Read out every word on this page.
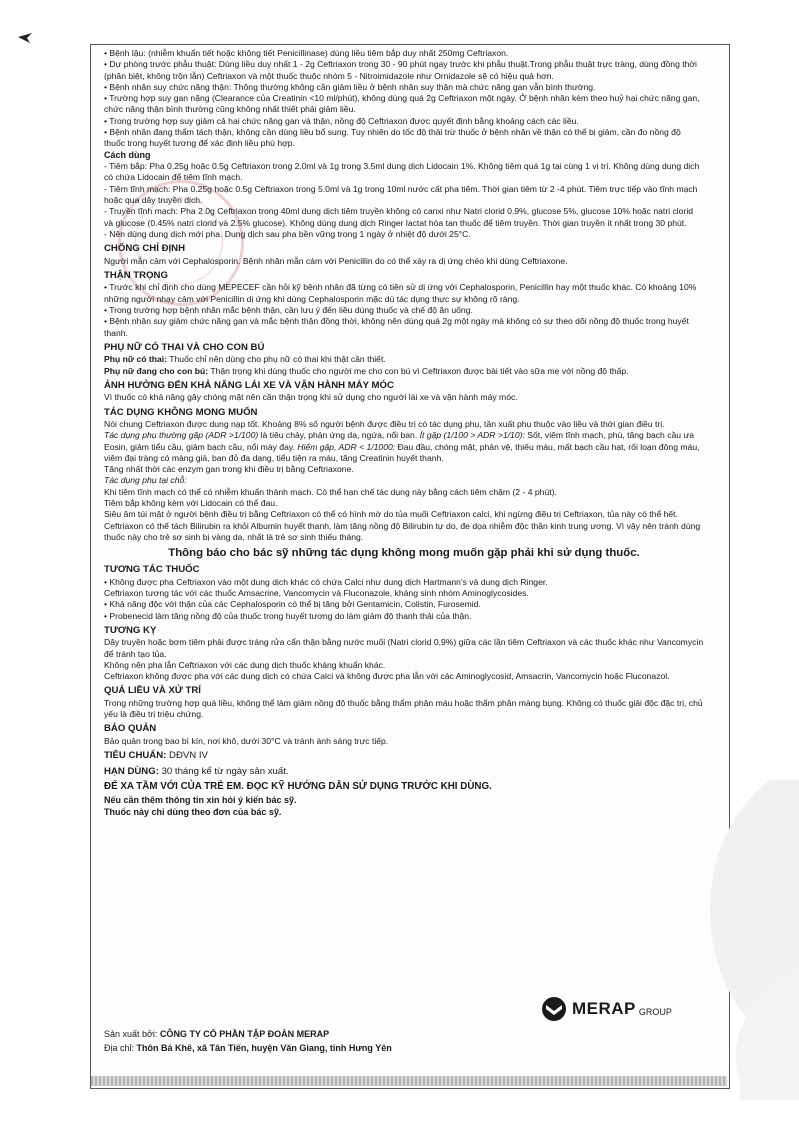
• Bệnh lậu: (nhiễm khuẩn tiết hoặc không tiết Penicillinase) dùng liều tiêm bắp duy nhất 250mg Ceftriaxon.

• Dự phòng trước phẫu thuật: Dùng liều duy nhất 1 - 2g Ceftriaxon trong 30 - 90 phút ngay trước khi phẫu thuật.Trong phẫu thuật trực tràng, dùng đồng thời (phân biệt, không trộn lẫn) Ceftriaxon và một thuốc thuộc nhóm 5 - Nitroimidazole như Ornidazole sẽ có hiệu quả hơn.

• Bệnh nhân suy chức năng thận: Thông thường không cần giảm liều ở bệnh nhân suy thận mà chức năng gan vẫn bình thường.

• Trường hợp suy gan nặng (Clearance của Creatinin <10 ml/phút), không dùng quá 2g Ceftriaxon một ngày. Ở bệnh nhân kèm theo huỷ hại chức năng gan, chức năng thận bình thường cũng không nhất thiết phải giảm liều.

• Trong trường hợp suy giảm cả hai chức năng gan và thận, nồng độ Ceftriaxon được quyết định bằng khoảng cách các liều.

• Bệnh nhân đang thẩm tách thận, không cần dùng liều bổ sung. Tuy nhiên do tốc độ thải trừ thuốc ở bệnh nhân về thận có thể bị giảm, cần đo nồng độ thuốc trong huyết tương để xác định liều phù hợp.

Cách dùng

- Tiêm bắp: Pha 0.25g hoặc 0.5g Ceftriaxon trong 2.0ml và 1g trong 3.5ml dung dịch Lidocain 1%. Không tiêm quá 1g tại cùng 1 vị trí. Không dùng dung dịch có chứa Lidocain để tiêm tĩnh mạch.

- Tiêm tĩnh mạch: Pha 0.25g hoặc 0.5g Ceftriaxon trong 5.0ml và 1g trong 10ml nước cất pha tiêm. Thời gian tiêm từ 2 -4 phút. Tiêm trực tiếp vào tĩnh mạch hoặc qua dây truyền dịch.

- Truyền tĩnh mạch: Pha 2.0g Ceftriaxon trong 40ml dung dịch tiêm truyền không có canxi như Natri clorid 0.9%, glucose 5%, glucose 10% hoặc natri clorid và glucose (0.45% natri clorid và 2.5% glucose). Không dùng dung dịch Ringer lactat hòa tan thuốc để tiêm truyền. Thời gian truyền ít nhất trong 30 phút.

- Nên dùng dung dịch mới pha. Dung dịch sau pha bền vững trong 1 ngày ở nhiệt độ dưới 25°C.

CHỐNG CHỈ ĐỊNH

Người mẫn cảm với Cephalosporin. Bệnh nhân mẫn cảm với Penicillin do có thể xảy ra dị ứng chéo khi dùng Ceftriaxone.

THẬN TRỌNG

• Trước khi chỉ định cho dùng MEPECEF cần hỏi kỹ bệnh nhân đã từng có tiền sử dị ứng với Cephalosporin, Penicillin hay một thuốc khác. Có khoảng 10% những người nhạy cảm với Penicillin dị ứng khi dùng Cephalosporin mặc dù tác dụng thực sự không rõ ràng.

• Trong trường hợp bệnh nhân mắc bệnh thận, cần lưu ý đến liều dùng thuốc và chế độ ăn uống.

• Bệnh nhân suy giảm chức năng gan và mắc bệnh thận đồng thời, không nên dùng quá 2g một ngày mà không có sự theo dõi nồng độ thuốc trong huyết thanh.

PHỤ NỮ CÓ THAI VÀ CHO CON BÚ

Phụ nữ có thai: Thuốc chỉ nên dùng cho phụ nữ có thai khi thật cần thiết.

Phụ nữ đang cho con bú: Thận trọng khi dùng thuốc cho người mẹ cho con bú vì Ceftriaxon được bài tiết vào sữa mẹ với nồng độ thấp.

ẢNH HƯỞNG ĐẾN KHẢ NĂNG LÁI XE VÀ VẬN HÀNH MÁY MÓC

Vì thuốc có khả năng gây chóng mặt nên cần thận trọng khi sử dụng cho người lái xe và vận hành máy móc.

TÁC DỤNG KHÔNG MONG MUỐN

Nói chung Ceftriaxon được dung nạp tốt. Khoảng 8% số người bệnh được điều trị có tác dụng phụ, tần xuất phụ thuộc vào liều và thời gian điều trị.

Tác dụng phụ thường gặp (ADR >1/100) là tiêu chảy, phản ứng da, ngứa, nổi ban. Ít gặp (1/100 > ADR >1/10): Sốt, viêm tĩnh mạch, phù, tăng bạch cầu ưa Eosin, giảm tiểu cầu, giảm bạch cầu, nổi mày đay. Hiếm gặp, ADR < 1/1000: Đau đầu, chóng mặt, phản vệ, thiếu máu, mất bạch cầu hạt, rối loạn đông máu, viêm đại tràng có màng giả, ban đỏ đa dạng, tiểu tiện ra máu, tăng Creatinin huyết thanh.

Tăng nhất thời các enzym gan trong khi điều trị bằng Ceftriaxone.

Tác dụng phụ tại chỗ:

Khi tiêm tĩnh mạch có thể có nhiễm khuẩn thành mạch. Có thể hạn chế tác dụng này bằng cách tiêm chậm (2 - 4 phút).

Tiêm bắp không kèm với Lidocain có thể đau.

Siêu âm túi mật ở người bệnh điều trị bằng Ceftriaxon có thể có hình mờ do tủa muối Ceftriaxon calci, khi ngừng điều trị Ceftriaxon, tủa này có thể hết.

Ceftriaxon có thể tách Bilirubin ra khỏi Albumin huyết thanh, làm tăng nồng độ Bilirubin tự do, đe dọa nhiễm độc thần kinh trung ương. Vì vậy nên tránh dùng thuốc này cho trẻ sơ sinh bị vàng da, nhất là trẻ sơ sinh thiếu tháng.

Thông báo cho bác sỹ những tác dụng không mong muốn gặp phải khi sử dụng thuốc.

TƯƠNG TÁC THUỐC

• Không được pha Ceftriaxon vào một dung dịch khác có chứa Calci như dung dịch Hartmann's và dung dịch Ringer.

Ceftriaxon tương tác với các thuốc Amsacrine, Vancomycin và Fluconazole, kháng sinh nhóm Aminoglycosides.

• Khả năng độc với thận của các Cephalosporin có thể bị tăng bởi Gentamicin, Colistin, Furosemid.

• Probenecid làm tăng nồng độ của thuốc trong huyết tương do làm giảm độ thanh thải của thận.

TƯƠNG KỴ

Dây truyền hoặc bơm tiêm phải được tráng rửa cẩn thận bằng nước muối (Natri clorid 0,9%) giữa các lần tiêm Ceftriaxon và các thuốc khác như Vancomycin để tránh tạo tủa.

Không nên pha lẫn Ceftriaxon với các dung dịch thuốc kháng khuẩn khác.

Ceftriaxon không được pha với các dung dịch có chứa Calci và không được pha lẫn với các Aminoglycosid, Amsacrin, Vancomycin hoặc Fluconazol.

QUÁ LIỀU VÀ XỬ TRÍ

Trong những trường hợp quá liều, không thể làm giảm nồng độ thuốc bằng thẩm phân máu hoặc thẩm phân màng bụng. Không có thuốc giải độc đặc trị, chủ yếu là điều trị triệu chứng.

BẢO QUẢN

Bảo quản trong bao bì kín, nơi khô, dưới 30°C và tránh ánh sáng trực tiếp.

TIÊU CHUẨN: DĐVN IV
HẠN DÙNG: 30 tháng kể từ ngày sản xuất.

ĐỂ XA TẦM VỚI CỦA TRẺ EM. ĐỌC KỸ HƯỚNG DẪN SỬ DỤNG TRƯỚC KHI DÙNG.

Nếu cần thêm thông tin xin hỏi ý kiến bác sỹ.

Thuốc này chỉ dùng theo đơn của bác sỹ.

MERAP GROUP

Sản xuất bởi: CÔNG TY CỔ PHẦN TẬP ĐOÀN MERAP

Địa chỉ: Thôn Bá Khê, xã Tân Tiến, huyện Văn Giang, tỉnh Hưng Yên
